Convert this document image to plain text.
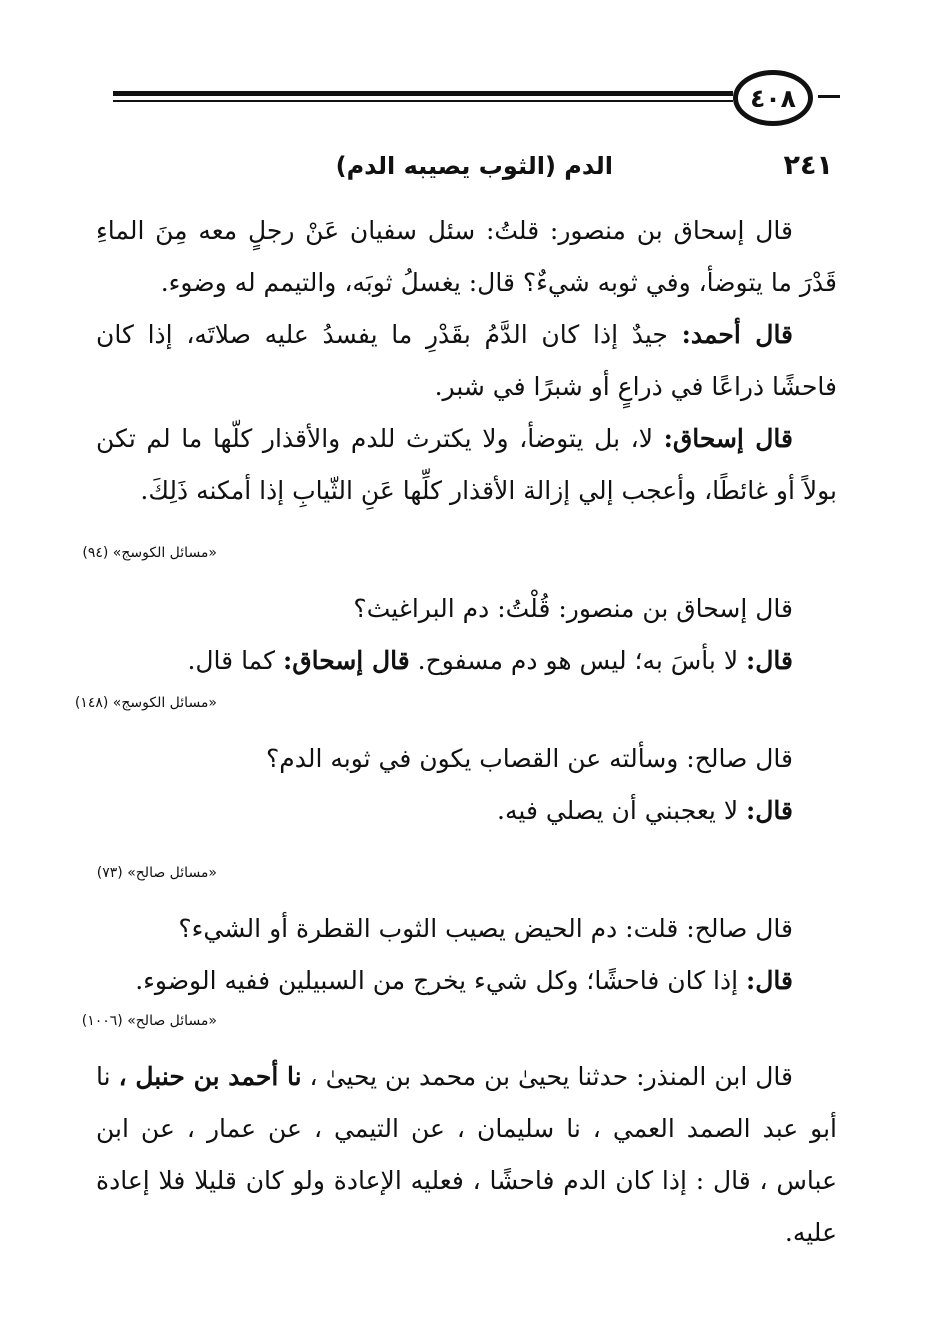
٤٠٨
٢٤١
الدم (الثوب يصيبه الدم)

قال إسحاق بن منصور: قلتُ: سئل سفيان عَنْ رجلٍ معه مِنَ الماءِ قَدْرَ ما يتوضأ، وفي ثوبه شيءٌ؟ قال: يغسلُ ثوبَه، والتيمم له وضوء.

قال أحمد: جيدٌ إذا كان الدَّمُ بقَدْرِ ما يفسدُ عليه صلاتَه، إذا كان فاحشًا ذراعًا في ذراعٍ أو شبرًا في شبر.

قال إسحاق: لا، بل يتوضأ، ولا يكترث للدم والأقذار كلّها ما لم تكن بولاً أو غائطًا، وأعجب إلي إزالة الأقذار كلِّها عَنِ الثّيابِ إذا أمكنه ذَلِكَ.

«مسائل الكوسج» (٩٤)

قال إسحاق بن منصور: قُلْتُ: دم البراغيث؟

قال: لا بأسَ به؛ ليس هو دم مسفوح. قال إسحاق: كما قال.

«مسائل الكوسج» (١٤٨)

قال صالح: وسألته عن القصاب يكون في ثوبه الدم؟

قال: لا يعجبني أن يصلي فيه.

«مسائل صالح» (٧٣)

قال صالح: قلت: دم الحيض يصيب الثوب القطرة أو الشيء؟

قال: إذا كان فاحشًا؛ وكل شيء يخرج من السبيلين ففيه الوضوء.

«مسائل صالح» (١٠٠٦)

قال ابن المنذر: حدثنا يحيىٰ بن محمد بن يحيىٰ ، نا أحمد بن حنبل ، نا أبو عبد الصمد العمي ، نا سليمان ، عن التيمي ، عن عمار ، عن ابن عباس ، قال : إذا كان الدم فاحشًا ، فعليه الإعادة ولو كان قليلا فلا إعادة عليه.
